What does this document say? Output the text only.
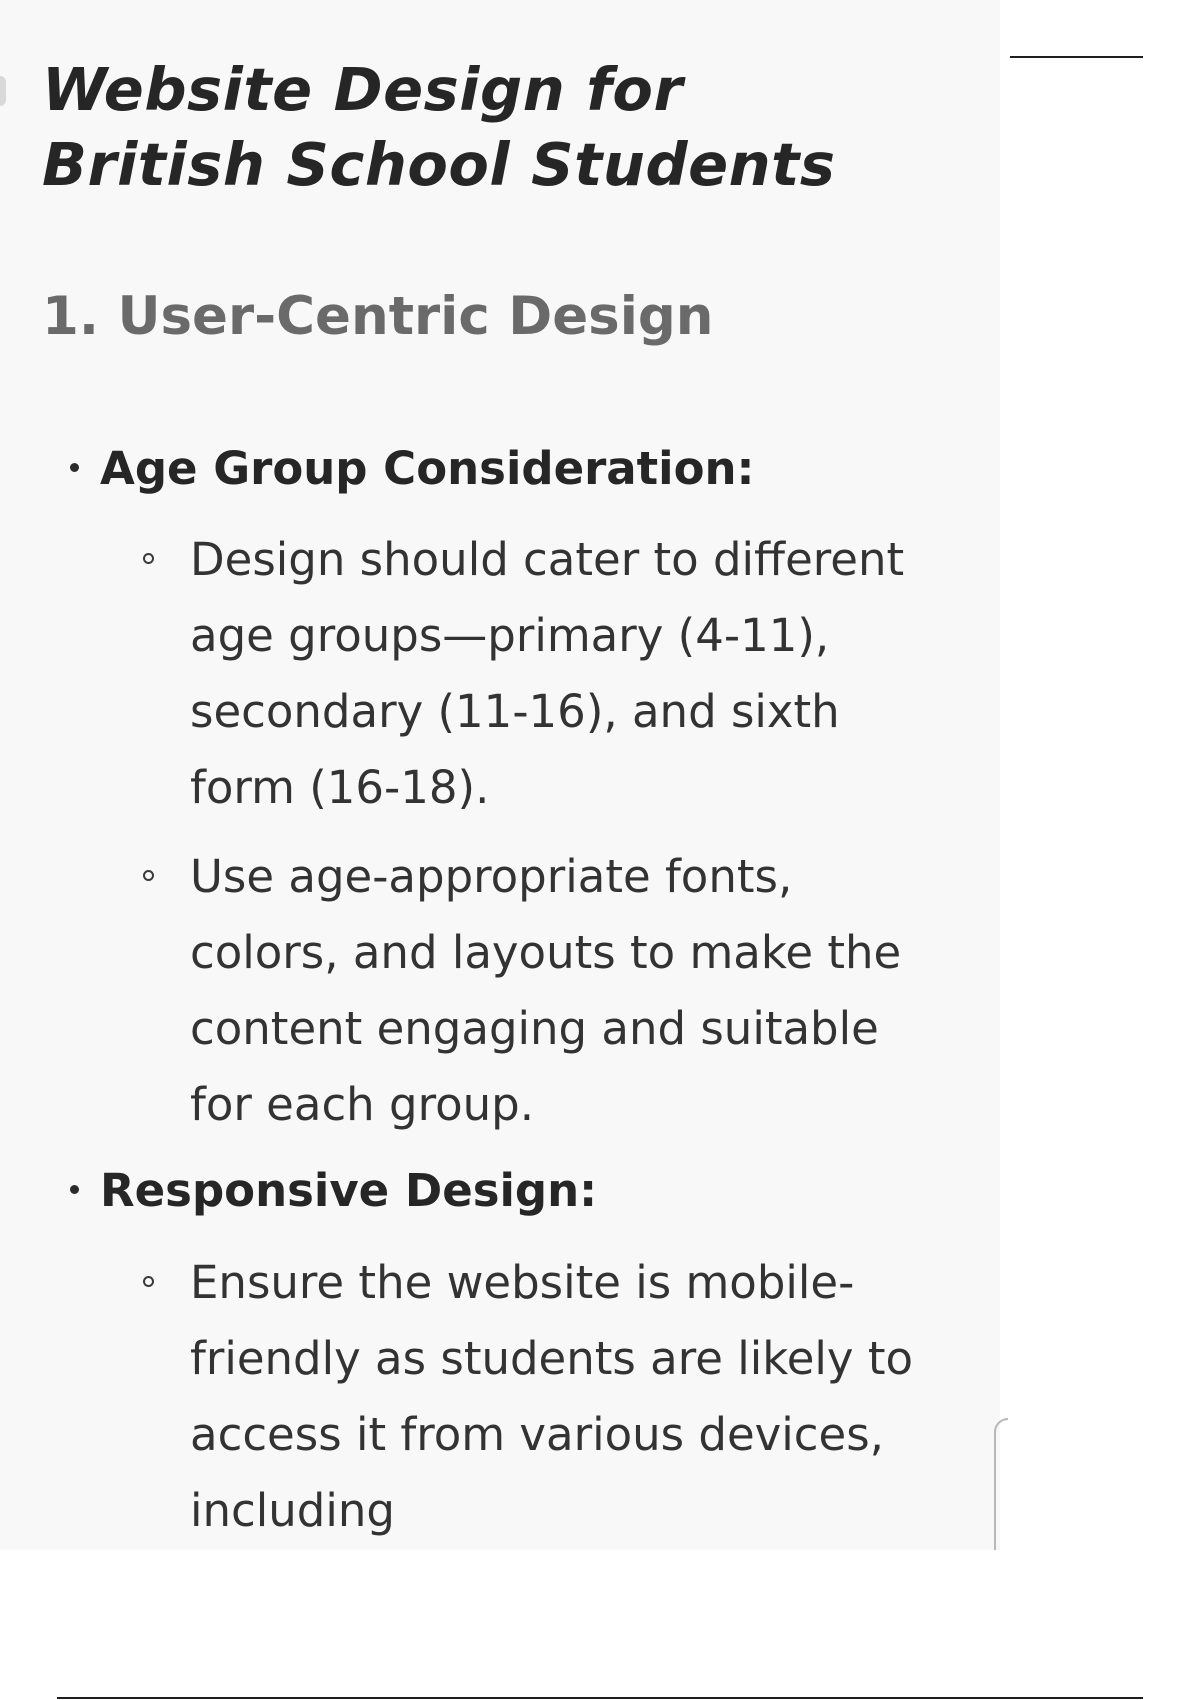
Website Design for British School Students
1. User-Centric Design
Age Group Consideration:

Design should cater to different age groups—primary (4-11), secondary (11-16), and sixth form (16-18).

Use age-appropriate fonts, colors, and layouts to make the content engaging and suitable for each group.

Responsive Design:

Ensure the website is mobile-friendly as students are likely to access it from various devices, including
